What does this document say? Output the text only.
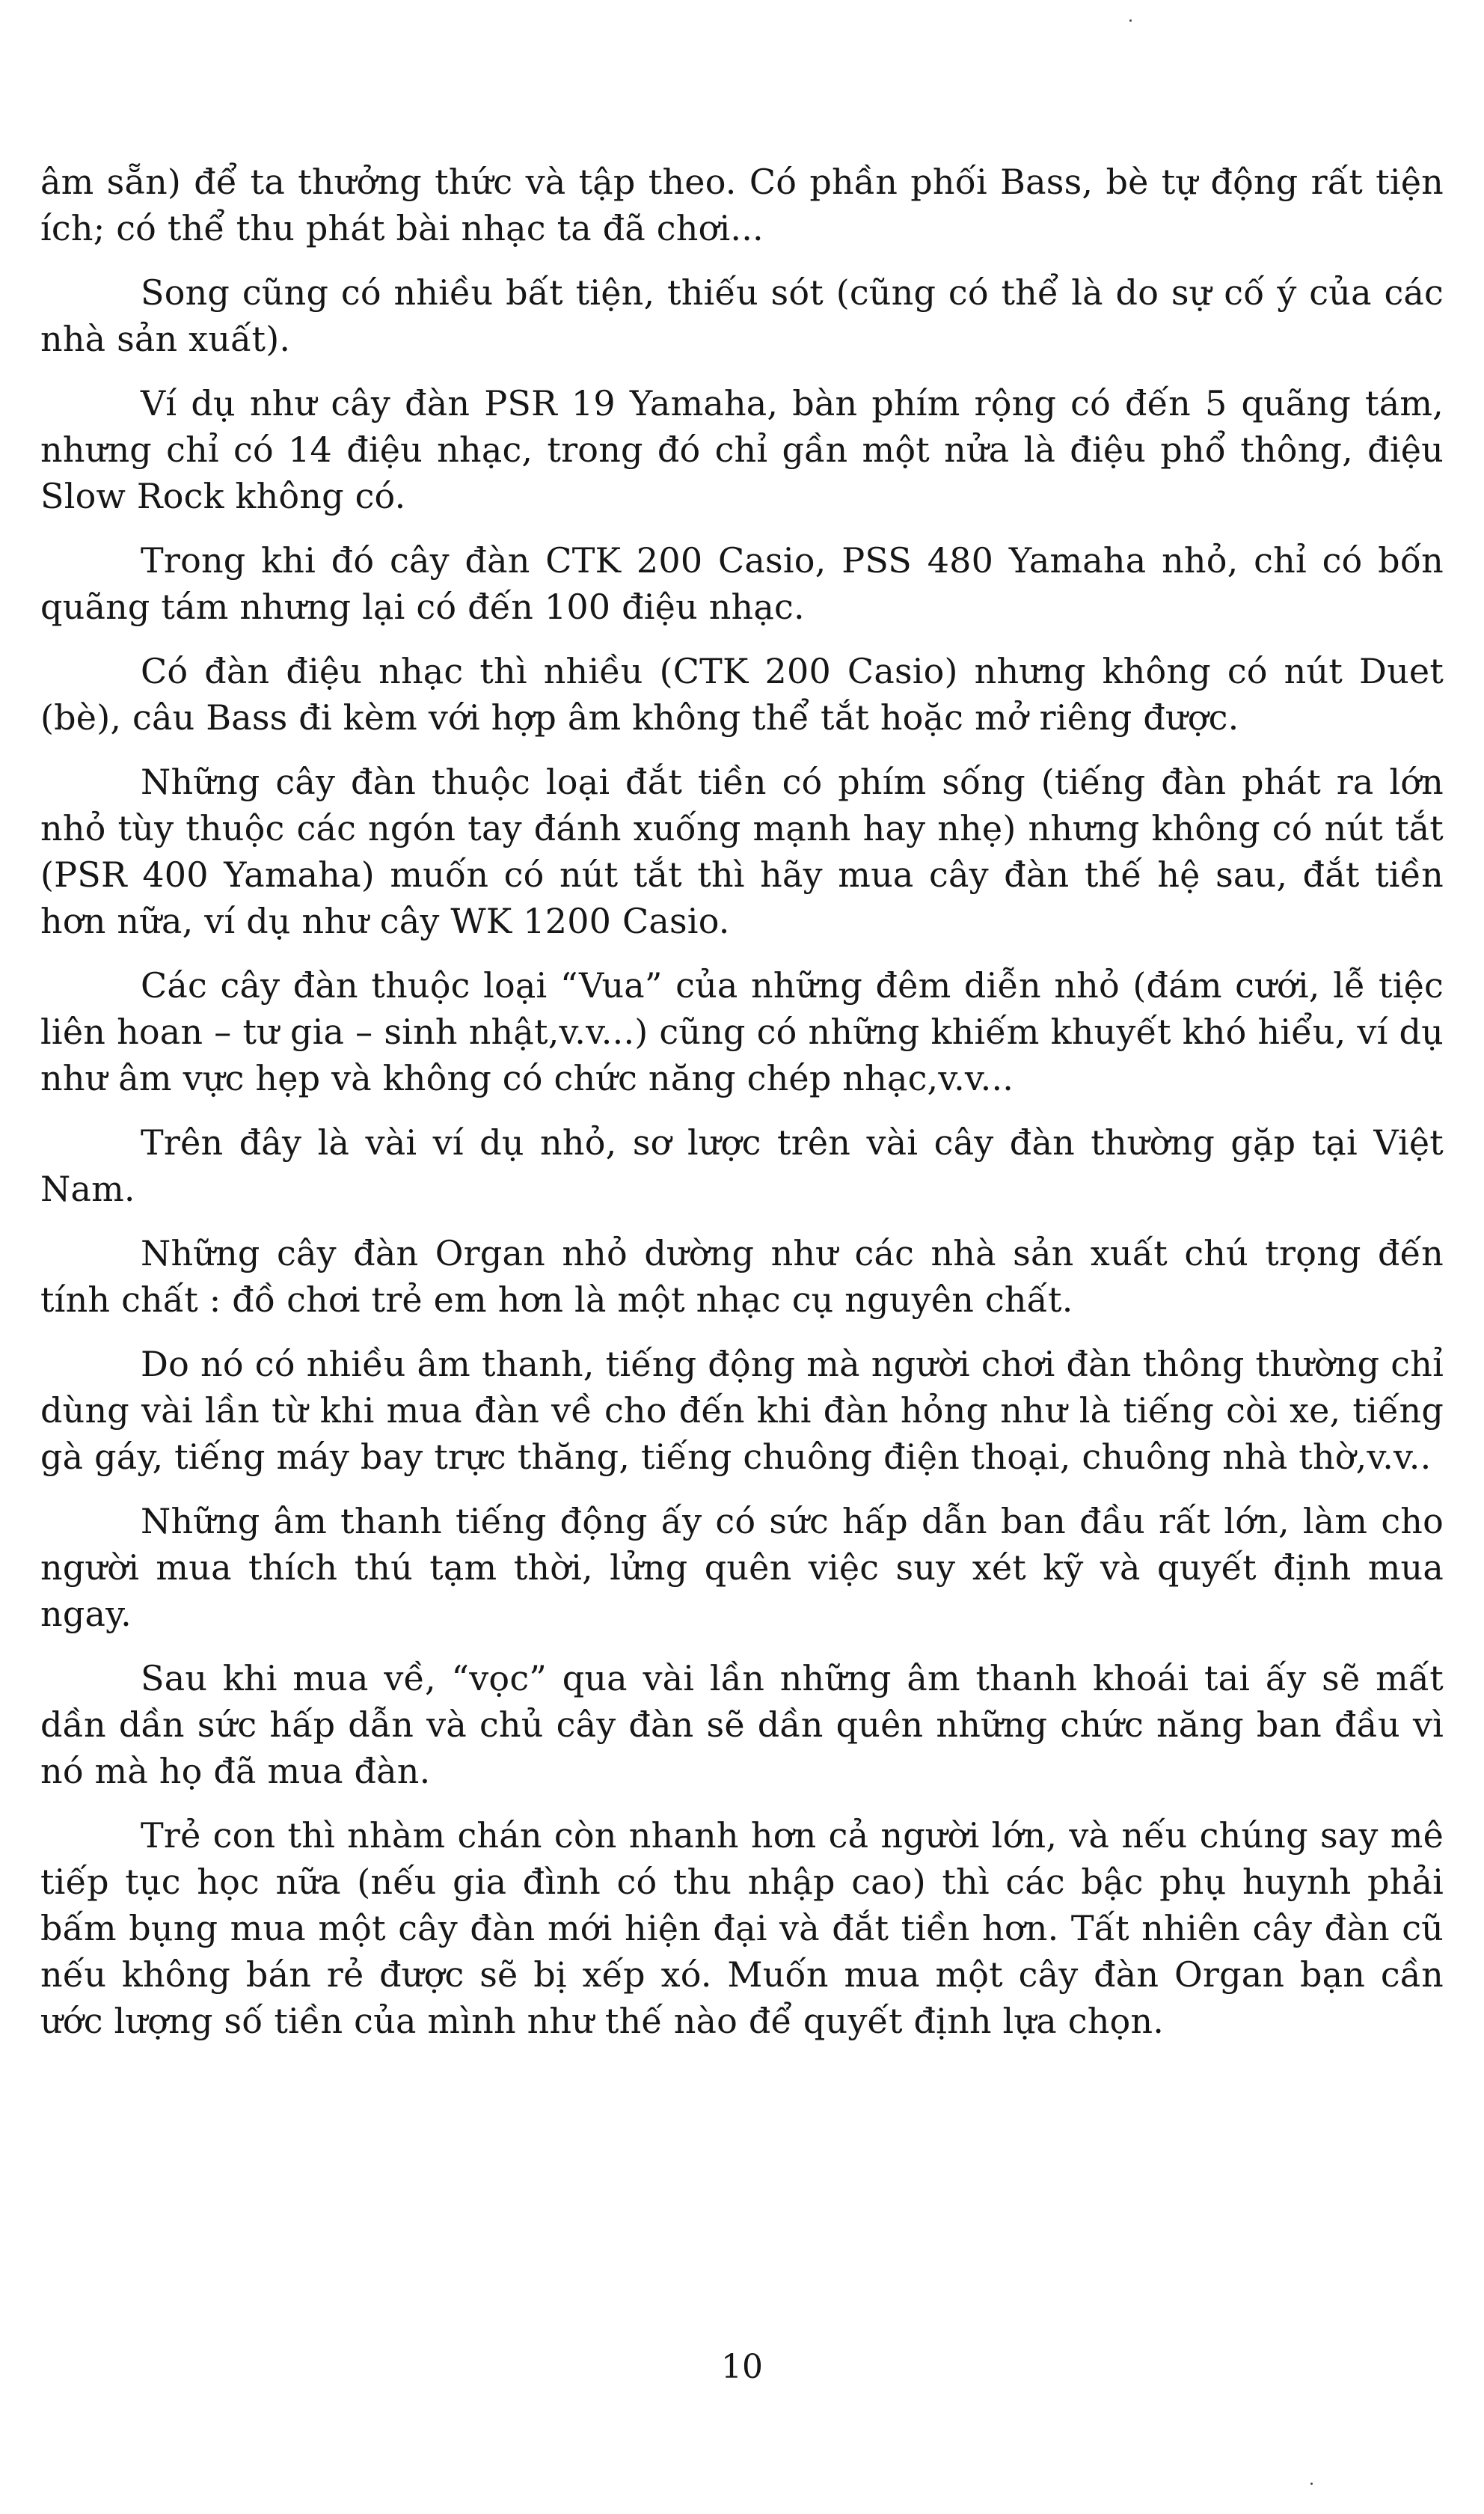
âm sẵn) để ta thưởng thức và tập theo. Có phần phối Bass, bè tự động rất tiện ích; có thể thu phát bài nhạc ta đã chơi...

Song cũng có nhiều bất tiện, thiếu sót (cũng có thể là do sự cố ý của các nhà sản xuất).

Ví dụ như cây đàn PSR 19 Yamaha, bàn phím rộng có đến 5 quãng tám, nhưng chỉ có 14 điệu nhạc, trong đó chỉ gần một nửa là điệu phổ thông, điệu Slow Rock không có.

Trong khi đó cây đàn CTK 200 Casio, PSS 480 Yamaha nhỏ, chỉ có bốn quãng tám nhưng lại có đến 100 điệu nhạc.

Có đàn điệu nhạc thì nhiều (CTK 200 Casio) nhưng không có nút Duet (bè), câu Bass đi kèm với hợp âm không thể tắt hoặc mở riêng được.

Những cây đàn thuộc loại đắt tiền có phím sống (tiếng đàn phát ra lớn nhỏ tùy thuộc các ngón tay đánh xuống mạnh hay nhẹ) nhưng không có nút tắt (PSR 400 Yamaha) muốn có nút tắt thì hãy mua cây đàn thế hệ sau, đắt tiền hơn nữa, ví dụ như cây WK 1200 Casio.

Các cây đàn thuộc loại “Vua” của những đêm diễn nhỏ (đám cưới, lễ tiệc liên hoan – tư gia – sinh nhật,v.v...) cũng có những khiếm khuyết khó hiểu, ví dụ như âm vực hẹp và không có chức năng chép nhạc,v.v...

Trên đây là vài ví dụ nhỏ, sơ lược trên vài cây đàn thường gặp tại Việt Nam.

Những cây đàn Organ nhỏ dường như các nhà sản xuất chú trọng đến tính chất : đồ chơi trẻ em hơn là một nhạc cụ nguyên chất.

Do nó có nhiều âm thanh, tiếng động mà người chơi đàn thông thường chỉ dùng vài lần từ khi mua đàn về cho đến khi đàn hỏng như là tiếng còi xe, tiếng gà gáy, tiếng máy bay trực thăng, tiếng chuông điện thoại, chuông nhà thờ,v.v..

Những âm thanh tiếng động ấy có sức hấp dẫn ban đầu rất lớn, làm cho người mua thích thú tạm thời, lửng quên việc suy xét kỹ và quyết định mua ngay.

Sau khi mua về, “vọc” qua vài lần những âm thanh khoái tai ấy sẽ mất dần dần sức hấp dẫn và chủ cây đàn sẽ dần quên những chức năng ban đầu vì nó mà họ đã mua đàn.

Trẻ con thì nhàm chán còn nhanh hơn cả người lớn, và nếu chúng say mê tiếp tục học nữa (nếu gia đình có thu nhập cao) thì các bậc phụ huynh phải bấm bụng mua một cây đàn mới hiện đại và đắt tiền hơn. Tất nhiên cây đàn cũ nếu không bán rẻ được sẽ bị xếp xó. Muốn mua một cây đàn Organ bạn cần ước lượng số tiền của mình như thế nào để quyết định lựa chọn.

10
